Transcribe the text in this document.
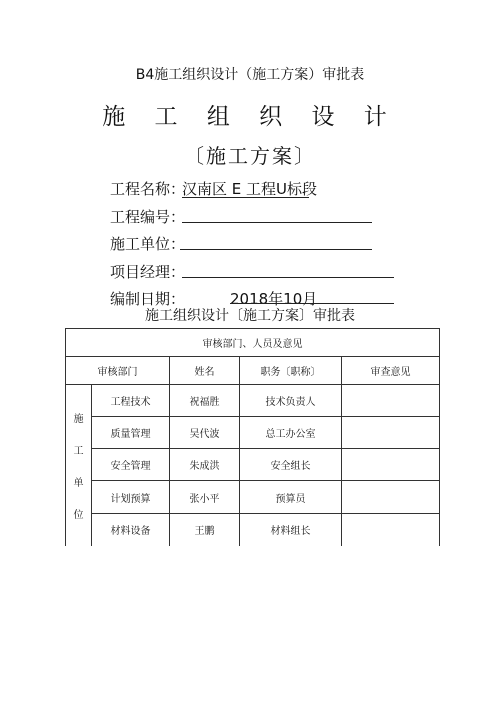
B4施工组织设计（施工方案）审批表
施 工 组 织 设 计
〔施工方案〕
工程名称：
汉南区 E 工程U标段
工程编号：
施工单位：
项目经理：
编制日期：	2018年10月
施工组织设计〔施工方案〕审批表
审核部门、人员及意见				
审核部门		姓名	职务〔职称〕	审查意见

施
工
单
位	工程技术	祝福胜	技术负责人	
	质量管理	吴代波	总工办公室	
	安全管理	朱成洪	安全组长	
	计划预算	张小平	预算员	
	材料设备	王鹏	材料组长	
